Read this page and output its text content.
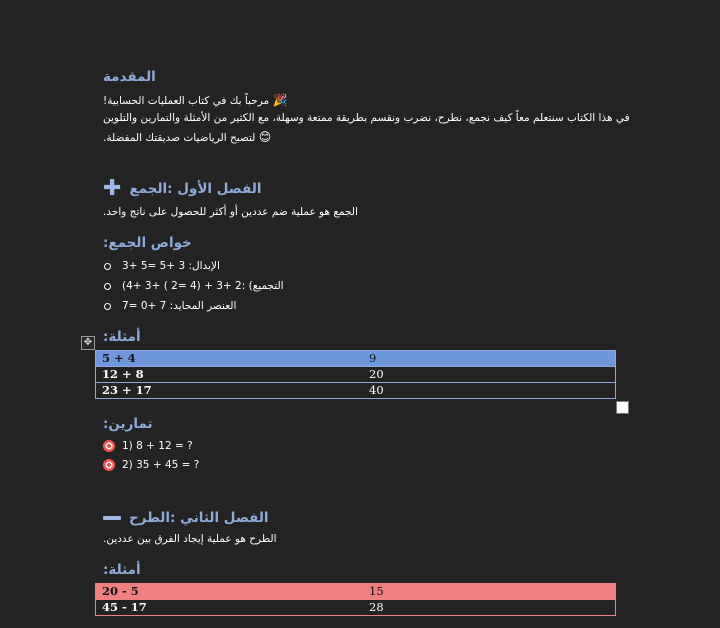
المقدمة
!مرحباً بك في كتاب العمليات الحسابية 🎉
في هذا الكتاب سنتعلم معاً كيف نجمع، نطرح، نضرب ونقسم بطريقة ممتعة وسهلة، مع الكثير من الأمثلة والتمارين والتلوين
.لتصبح الرياضيات صديقتك المفضلة 😊
✚ الفصل الأول :الجمع
.الجمع هو عملية ضم عددين أو أكثر للحصول على ناتج واحد
:خواص الجمع
3+ 5= 5+ 3 :الإبدال
(4+ 3+ ( 2= 4) + 3+ 2: (التجميع
7= 0+ 7 :العنصر المحايد
✥ :أمثلة
5 + 4	9
12 + 8	20
23 + 17	40
:تمارين
1) 8 + 12 = ?
2) 35 + 45 = ?
الفصل الثاني :الطرح
.الطرح هو عملية إيجاد الفرق بين عددين
:أمثلة
20 - 5	15
45 - 17	28
